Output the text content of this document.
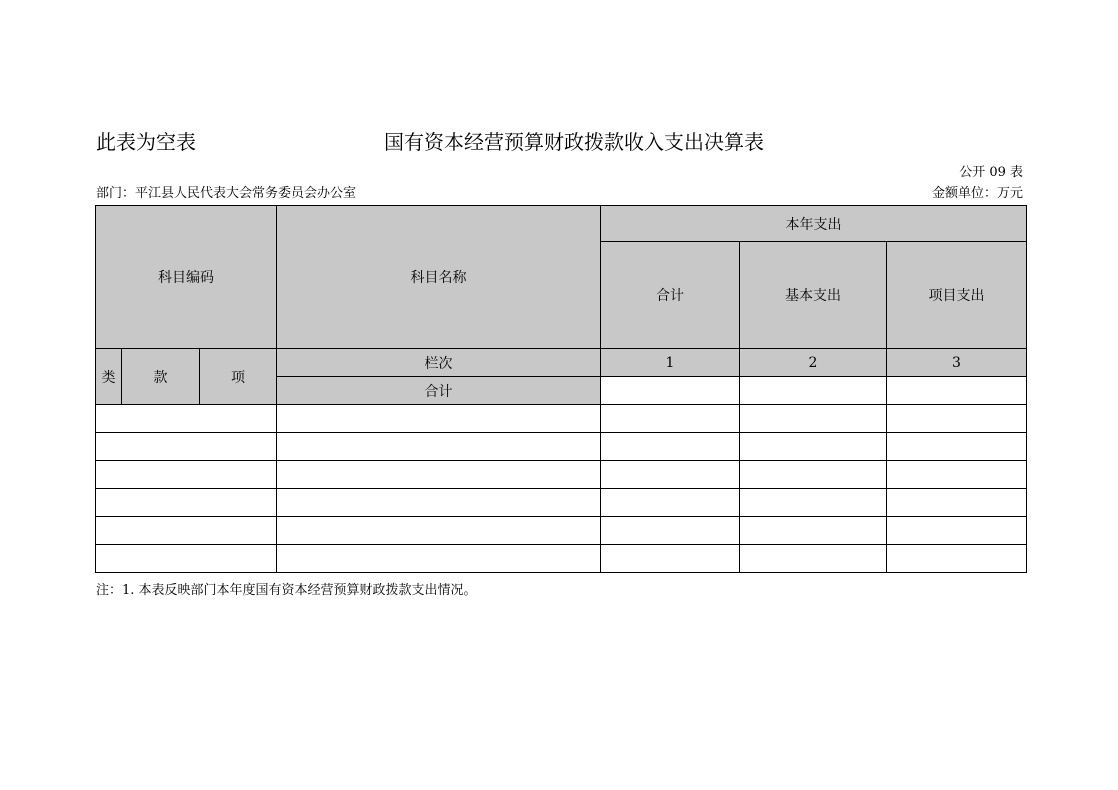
此表为空表	国有资本经营预算财政拨款收入支出决算表
公开 09 表
部门：平江县人民代表大会常务委员会办公室	金额单位：万元
科目编码			科目名称	本年支出		
				合计	基本支出	项目支出
类	款	项	栏次	1	2	3
			合计			

注：1. 本表反映部门本年度国有资本经营预算财政拨款支出情况。
